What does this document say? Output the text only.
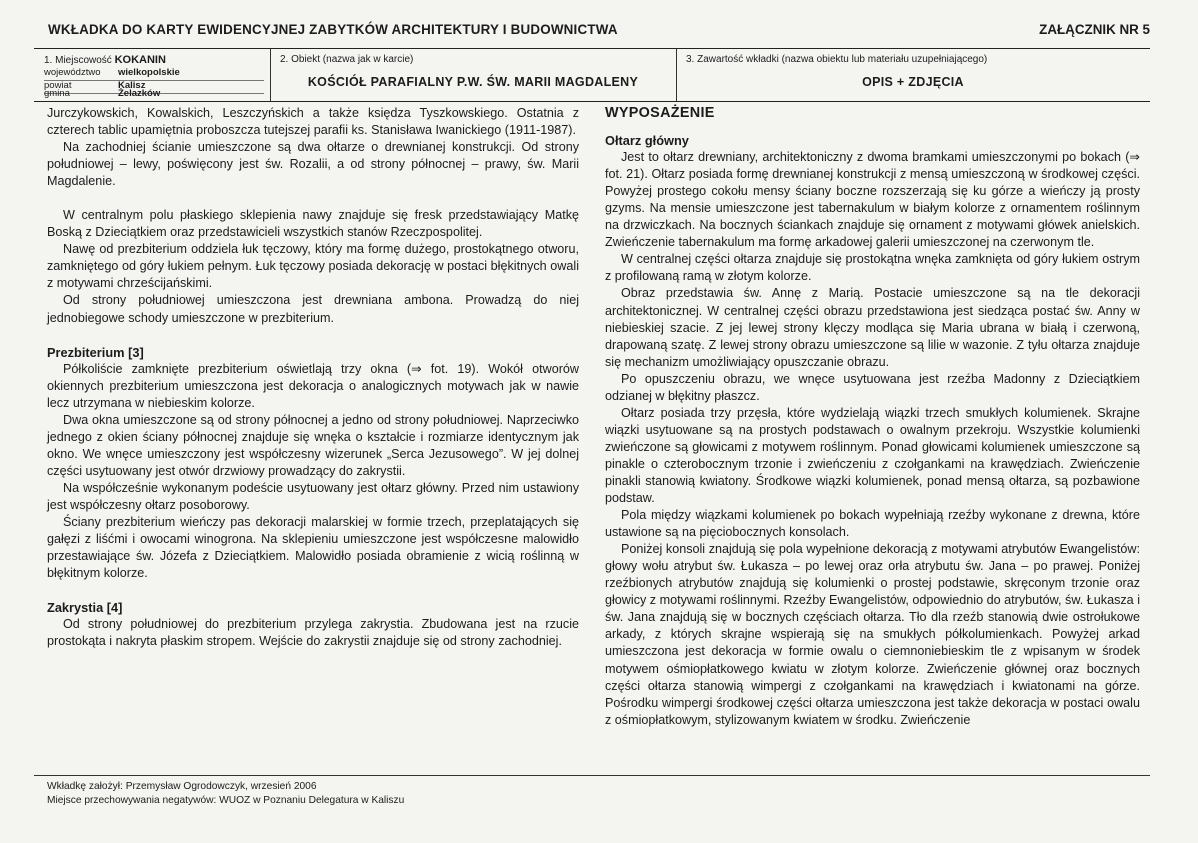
WKŁADKA DO KARTY EWIDENCYJNEJ ZABYTKÓW ARCHITEKTURY I BUDOWNICTWA	ZAŁĄCZNIK NR 5
1. Miejscowość KOKANIN
województwo wielkopolskie
powiat	Kalisz
gmina	Żelazków
2. Obiekt (nazwa jak w karcie)
KOŚCIÓŁ PARAFIALNY P.W. ŚW. MARII MAGDALENY
3. Zawartość wkładki (nazwa obiektu lub materiału uzupełniającego)
OPIS + ZDJĘCIA

Jurczykowskich, Kowalskich, Leszczyńskich a także księdza Tyszkowskiego. Ostatnia z czterech tablic upamiętnia proboszcza tutejszej parafii ks. Stanisława Iwanickiego (1911-1987).

Na zachodniej ścianie umieszczone są dwa ołtarze o drewnianej konstrukcji. Od strony południowej – lewy, poświęcony jest św. Rozalii, a od strony północnej – prawy, św. Marii Magdalenie.

W centralnym polu płaskiego sklepienia nawy znajduje się fresk przedstawiający Matkę Boską z Dzieciątkiem oraz przedstawicieli wszystkich stanów Rzeczpospolitej.

Nawę od prezbiterium oddziela łuk tęczowy, który ma formę dużego, prostokątnego otworu, zamkniętego od góry łukiem pełnym. Łuk tęczowy posiada dekorację w postaci błękitnych owali z motywami chrześcijańskimi.

Od strony południowej umieszczona jest drewniana ambona. Prowadzą do niej jednobiegowe schody umieszczone w prezbiterium.

Prezbiterium [3]

Półkoliście zamknięte prezbiterium oświetlają trzy okna (⇒ fot. 19). Wokół otworów okiennych prezbiterium umieszczona jest dekoracja o analogicznych motywach jak w nawie lecz utrzymana w niebieskim kolorze.

Dwa okna umieszczone są od strony północnej a jedno od strony południowej. Naprzeciwko jednego z okien ściany północnej znajduje się wnęka o kształcie i rozmiarze identycznym jak okno. We wnęce umieszczony jest współczesny wizerunek „Serca Jezusowego”. W jej dolnej części usytuowany jest otwór drzwiowy prowadzący do zakrystii.

Na współcześnie wykonanym podeście usytuowany jest ołtarz główny. Przed nim ustawiony jest współczesny ołtarz posoborowy.

Ściany prezbiterium wieńczy pas dekoracji malarskiej w formie trzech, przeplatających się gałęzi z liśćmi i owocami winogrona. Na sklepieniu umieszczone jest współczesne malowidło przestawiające św. Józefa z Dzieciątkiem. Malowidło posiada obramienie z wicią roślinną w błękitnym kolorze.

Zakrystia [4]

Od strony południowej do prezbiterium przylega zakrystia. Zbudowana jest na rzucie prostokąta i nakryta płaskim stropem. Wejście do zakrystii znajduje się od strony zachodniej.

WYPOSAŻENIE
Ołtarz główny

Jest to ołtarz drewniany, architektoniczny z dwoma bramkami umieszczonymi po bokach (⇒ fot. 21). Ołtarz posiada formę drewnianej konstrukcji z mensą umieszczoną w środkowej części. Powyżej prostego cokołu mensy ściany boczne rozszerzają się ku górze a wieńczy ją prosty gzyms. Na mensie umieszczone jest tabernakulum w białym kolorze z ornamentem roślinnym na drzwiczkach. Na bocznych ściankach znajduje się ornament z motywami główek anielskich. Zwieńczenie tabernakulum ma formę arkadowej galerii umieszczonej na czerwonym tle.

W centralnej części ołtarza znajduje się prostokątna wnęka zamknięta od góry łukiem ostrym z profilowaną ramą w złotym kolorze.

Obraz przedstawia św. Annę z Marią. Postacie umieszczone są na tle dekoracji architektonicznej. W centralnej części obrazu przedstawiona jest siedząca postać św. Anny w niebieskiej szacie. Z jej lewej strony klęczy modląca się Maria ubrana w białą i czerwoną, drapowaną szatę. Z lewej strony obrazu umieszczone są lilie w wazonie. Z tyłu ołtarza znajduje się mechanizm umożliwiający opuszczanie obrazu.

Po opuszczeniu obrazu, we wnęce usytuowana jest rzeźba Madonny z Dzieciątkiem odzianej w błękitny płaszcz.

Ołtarz posiada trzy przęsła, które wydzielają wiązki trzech smukłych kolumienek. Skrajne wiązki usytuowane są na prostych podstawach o owalnym przekroju. Wszystkie kolumienki zwieńczone są głowicami z motywem roślinnym. Ponad głowicami kolumienek umieszczone są pinakle o czterobocznym trzonie i zwieńczeniu z czołgankami na krawędziach. Zwieńczenie pinakli stanowią kwiatony. Środkowe wiązki kolumienek, ponad mensą ołtarza, są pozbawione podstaw.

Pola między wiązkami kolumienek po bokach wypełniają rzeźby wykonane z drewna, które ustawione są na pięciobocznych konsolach.

Poniżej konsoli znajdują się pola wypełnione dekoracją z motywami atrybutów Ewangelistów: głowy wołu atrybut św. Łukasza – po lewej oraz orła atrybutu św. Jana – po prawej. Poniżej rzeźbionych atrybutów znajdują się kolumienki o prostej podstawie, skręconym trzonie oraz głowicy z motywami roślinnymi. Rzeźby Ewangelistów, odpowiednio do atrybutów, św. Łukasza i św. Jana znajdują się w bocznych częściach ołtarza. Tło dla rzeźb stanowią dwie ostrołukowe arkady, z których skrajne wspierają się na smukłych półkolumienkach. Powyżej arkad umieszczona jest dekoracja w formie owalu o ciemnoniebieskim tle z wpisanym w środek motywem ośmiopłatkowego kwiatu w złotym kolorze. Zwieńczenie głównej oraz bocznych części ołtarza stanowią wimpergi z czołgankami na krawędziach i kwiatonami na górze. Pośrodku wimpergi środkowej części ołtarza umieszczona jest także dekoracja w postaci owalu z ośmiopłatkowym, stylizowanym kwiatem w środku. Zwieńczenie

Wkładkę założył: Przemysław Ogrodowczyk, wrzesień 2006
Miejsce przechowywania negatywów: WUOZ w Poznaniu Delegatura w Kaliszu
